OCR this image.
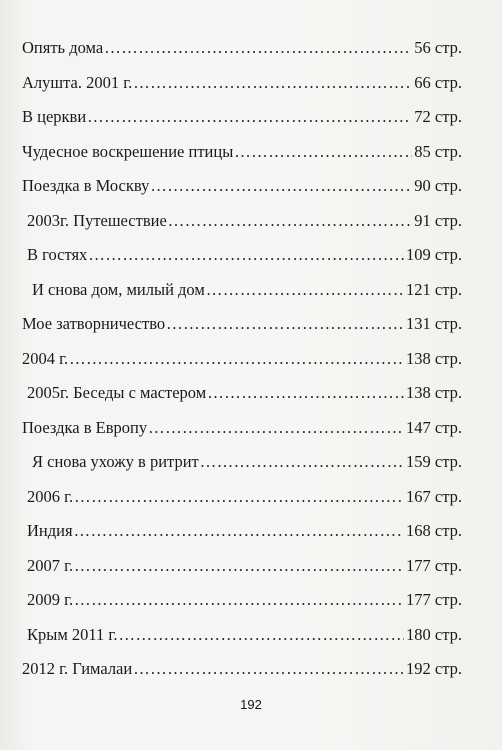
Опять дома ………………………………………………………………………………………………………………………………………………………………	56 стр.
Алушта. 2001 г. ………………………………………………………………………………………………………………………………………………………………	66 стр.
В церкви ………………………………………………………………………………………………………………………………………………………………	72 стр.
Чудесное воскрешение птицы ………………………………………………………………………………………………………………………………………………………………	85 стр.
Поездка в Москву ………………………………………………………………………………………………………………………………………………………………	90 стр.
2003г. Путешествие ………………………………………………………………………………………………………………………………………………………………	91 стр.
В гостях ………………………………………………………………………………………………………………………………………………………………	109 стр.
И снова дом, милый дом ………………………………………………………………………………………………………………………………………………………………	121 стр.
Мое затворничество ………………………………………………………………………………………………………………………………………………………………	131 стр.
2004 г. ………………………………………………………………………………………………………………………………………………………………	138 стр.
2005г. Беседы с мастером ………………………………………………………………………………………………………………………………………………………………	138 стр.
Поездка в Европу ………………………………………………………………………………………………………………………………………………………………	147 стр.
Я снова ухожу в ритрит ………………………………………………………………………………………………………………………………………………………………	159 стр.
2006 г. ………………………………………………………………………………………………………………………………………………………………	167 стр.
Индия ………………………………………………………………………………………………………………………………………………………………	168 стр.
2007 г. ………………………………………………………………………………………………………………………………………………………………	177 стр.
2009 г. ………………………………………………………………………………………………………………………………………………………………	177 стр.
Крым 2011 г. ………………………………………………………………………………………………………………………………………………………………	180 стр.
2012 г. Гималаи ………………………………………………………………………………………………………………………………………………………………	192 стр.
192
